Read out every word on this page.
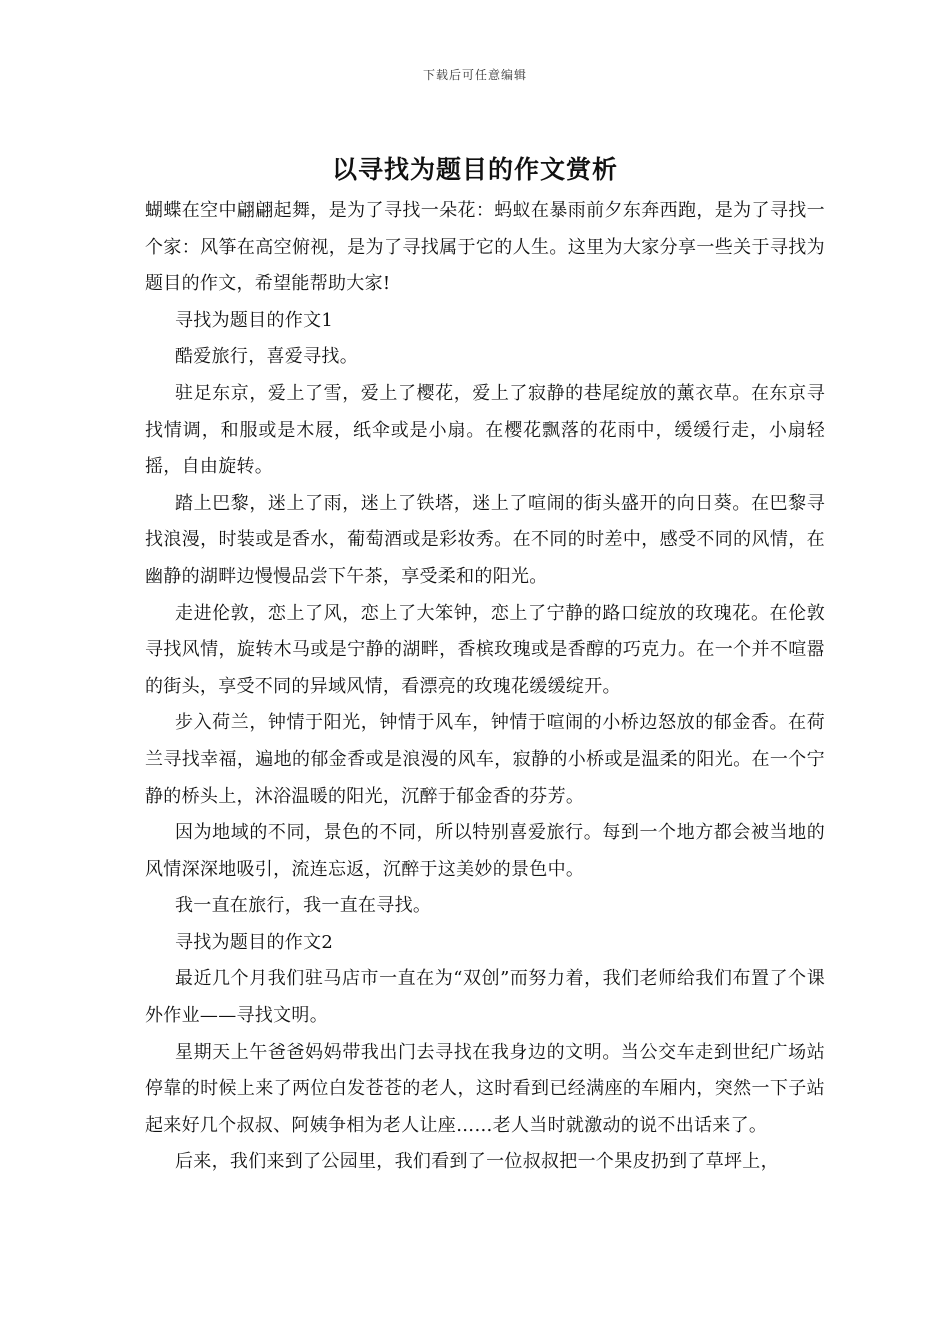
下载后可任意编辑
以寻找为题目的作文赏析

蝴蝶在空中翩翩起舞，是为了寻找一朵花：蚂蚁在暴雨前夕东奔西跑，是为了寻找一个家：风筝在高空俯视，是为了寻找属于它的人生。这里为大家分享一些关于寻找为题目的作文，希望能帮助大家!

寻找为题目的作文1

酷爱旅行，喜爱寻找。

驻足东京，爱上了雪，爱上了樱花，爱上了寂静的巷尾绽放的薰衣草。在东京寻找情调，和服或是木屐，纸伞或是小扇。在樱花飘落的花雨中，缓缓行走，小扇轻摇，自由旋转。

踏上巴黎，迷上了雨，迷上了铁塔，迷上了喧闹的街头盛开的向日葵。在巴黎寻找浪漫，时装或是香水，葡萄酒或是彩妆秀。在不同的时差中，感受不同的风情，在幽静的湖畔边慢慢品尝下午茶，享受柔和的阳光。

走进伦敦，恋上了风，恋上了大笨钟，恋上了宁静的路口绽放的玫瑰花。在伦敦寻找风情，旋转木马或是宁静的湖畔，香槟玫瑰或是香醇的巧克力。在一个并不喧嚣的街头，享受不同的异域风情，看漂亮的玫瑰花缓缓绽开。

步入荷兰，钟情于阳光，钟情于风车，钟情于喧闹的小桥边怒放的郁金香。在荷兰寻找幸福，遍地的郁金香或是浪漫的风车，寂静的小桥或是温柔的阳光。在一个宁静的桥头上，沐浴温暖的阳光，沉醉于郁金香的芬芳。

因为地域的不同，景色的不同，所以特别喜爱旅行。每到一个地方都会被当地的风情深深地吸引，流连忘返，沉醉于这美妙的景色中。

我一直在旅行，我一直在寻找。

寻找为题目的作文2

最近几个月我们驻马店市一直在为“双创”而努力着，我们老师给我们布置了个课外作业——寻找文明。

星期天上午爸爸妈妈带我出门去寻找在我身边的文明。当公交车走到世纪广场站停靠的时候上来了两位白发苍苍的老人，这时看到已经满座的车厢内，突然一下子站起来好几个叔叔、阿姨争相为老人让座……老人当时就激动的说不出话来了。

后来，我们来到了公园里，我们看到了一位叔叔把一个果皮扔到了草坪上，
